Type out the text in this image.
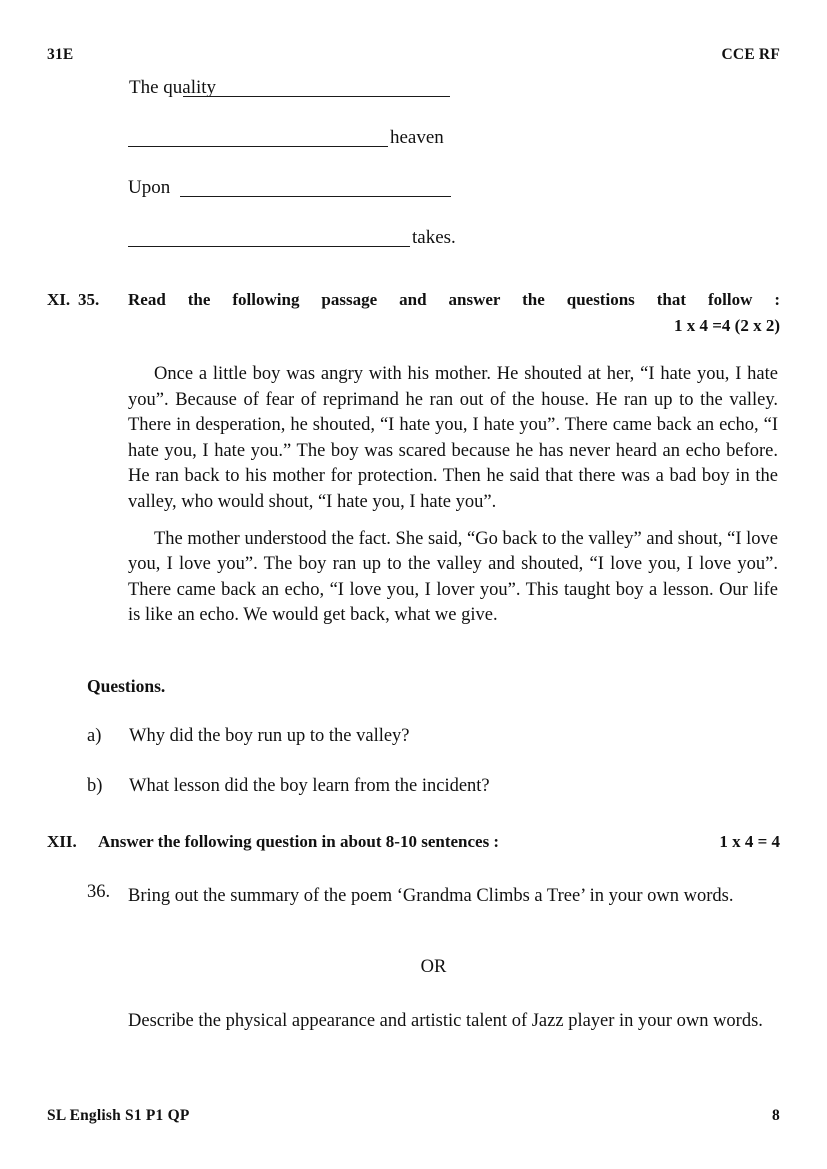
31E	CCE RF
The quality
heaven
Upon
takes.
XI. 35. Read the following passage and answer the questions that follow :
1 x 4 =4 (2 x 2)

Once a little boy was angry with his mother. He shouted at her, “I hate you, I hate you”. Because of fear of reprimand he ran out of the house. He ran up to the valley. There in desperation, he shouted, “I hate you, I hate you”. There came back an echo, “I hate you, I hate you.” The boy was scared because he has never heard an echo before. He ran back to his mother for protection. Then he said that there was a bad boy in the valley, who would shout, “I hate you, I hate you”.

The mother understood the fact. She said, “Go back to the valley” and shout, “I love you, I love you”. The boy ran up to the valley and shouted, “I love you, I love you”. There came back an echo, “I love you, I lover you”. This taught boy a lesson. Our life is like an echo. We would get back, what we give.

Questions.
a) Why did the boy run up to the valley?
b) What lesson did the boy learn from the incident?
XII. Answer the following question in about 8-10 sentences :	1 x 4 = 4
36. Bring out the summary of the poem ‘Grandma Climbs a Tree’ in your own words.
OR
Describe the physical appearance and artistic talent of Jazz player in your own words.
SL English S1 P1 QP	8
